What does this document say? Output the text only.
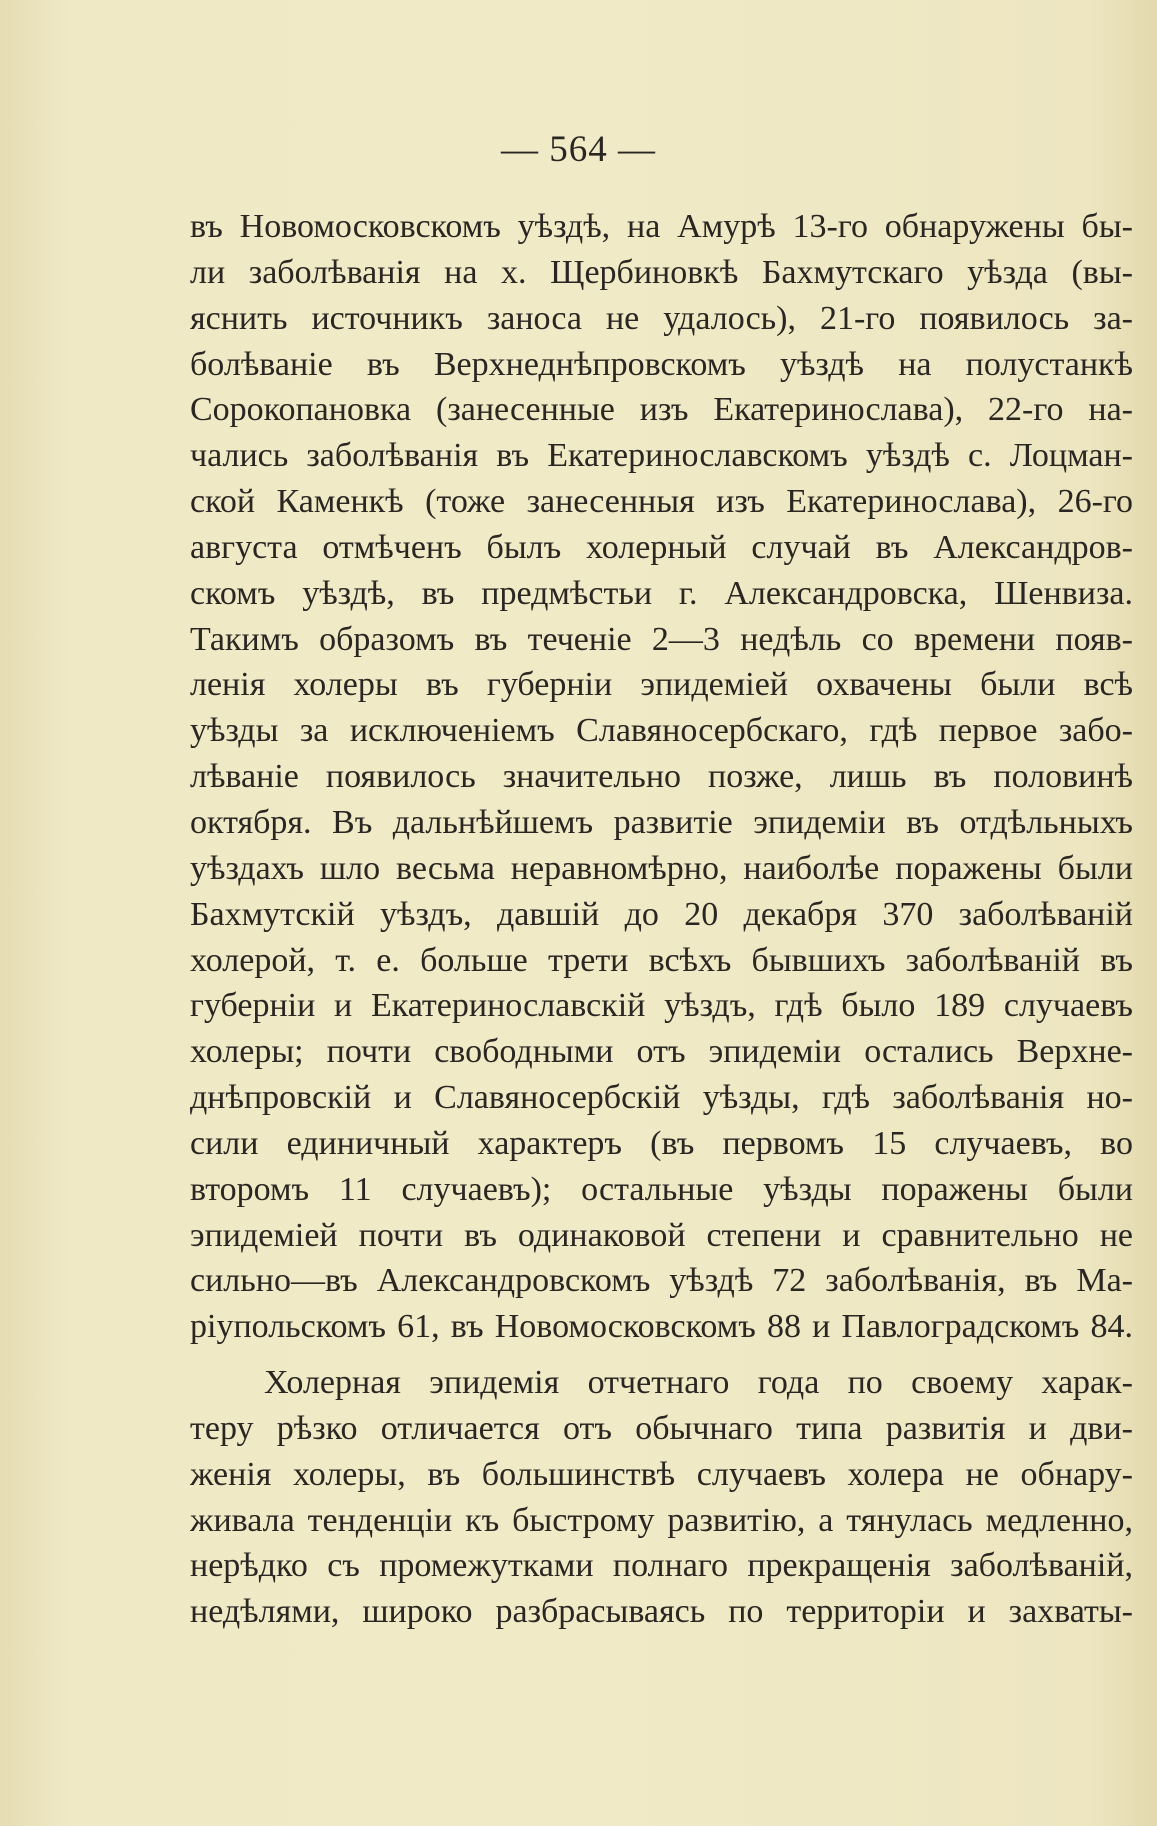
— 564 —
въ Новомосковскомъ уѣздѣ, на Амурѣ 13-го обнаружены бы-
ли заболѣванія на х. Щербиновкѣ Бахмутскаго уѣзда (вы-
яснить источникъ заноса не удалось), 21-го появилось за-
болѣваніе въ Верхнеднѣпровскомъ уѣздѣ на полустанкѣ
Сорокопановка (занесенные изъ Екатеринослава), 22-го на-
чались заболѣванія въ Екатеринославскомъ уѣздѣ с. Лоцман-
ской Каменкѣ (тоже занесенныя изъ Екатеринослава), 26-го
августа отмѣченъ былъ холерный случай въ Александров-
скомъ уѣздѣ, въ предмѣстьи г. Александровска, Шенвиза.
Такимъ образомъ въ теченіе 2—3 недѣль со времени появ-
ленія холеры въ губерніи эпидеміей охвачены были всѣ
уѣзды за исключеніемъ Славяносербскаго, гдѣ первое забо-
лѣваніе появилось значительно позже, лишь въ половинѣ
октября. Въ дальнѣйшемъ развитіе эпидеміи въ отдѣльныхъ
уѣздахъ шло весьма неравномѣрно, наиболѣе поражены были
Бахмутскій уѣздъ, давшій до 20 декабря 370 заболѣваній
холерой, т. е. больше трети всѣхъ бывшихъ заболѣваній въ
губерніи и Екатеринославскій уѣздъ, гдѣ было 189 случаевъ
холеры; почти свободными отъ эпидеміи остались Верхне-
днѣпровскій и Славяносербскій уѣзды, гдѣ заболѣванія но-
сили единичный характеръ (въ первомъ 15 случаевъ, во
второмъ 11 случаевъ); остальные уѣзды поражены были
эпидеміей почти въ одинаковой степени и сравнительно не
сильно—въ Александровскомъ уѣздѣ 72 заболѣванія, въ Ма-
ріупольскомъ 61, въ Новомосковскомъ 88 и Павлоградскомъ 84.
Холерная эпидемія отчетнаго года по своему харак-
теру рѣзко отличается отъ обычнаго типа развитія и дви-
женія холеры, въ большинствѣ случаевъ холера не обнару-
живала тенденціи къ быстрому развитію, а тянулась медленно,
нерѣдко съ промежутками полнаго прекращенія заболѣваній,
недѣлями, широко разбрасываясь по территоріи и захваты-
